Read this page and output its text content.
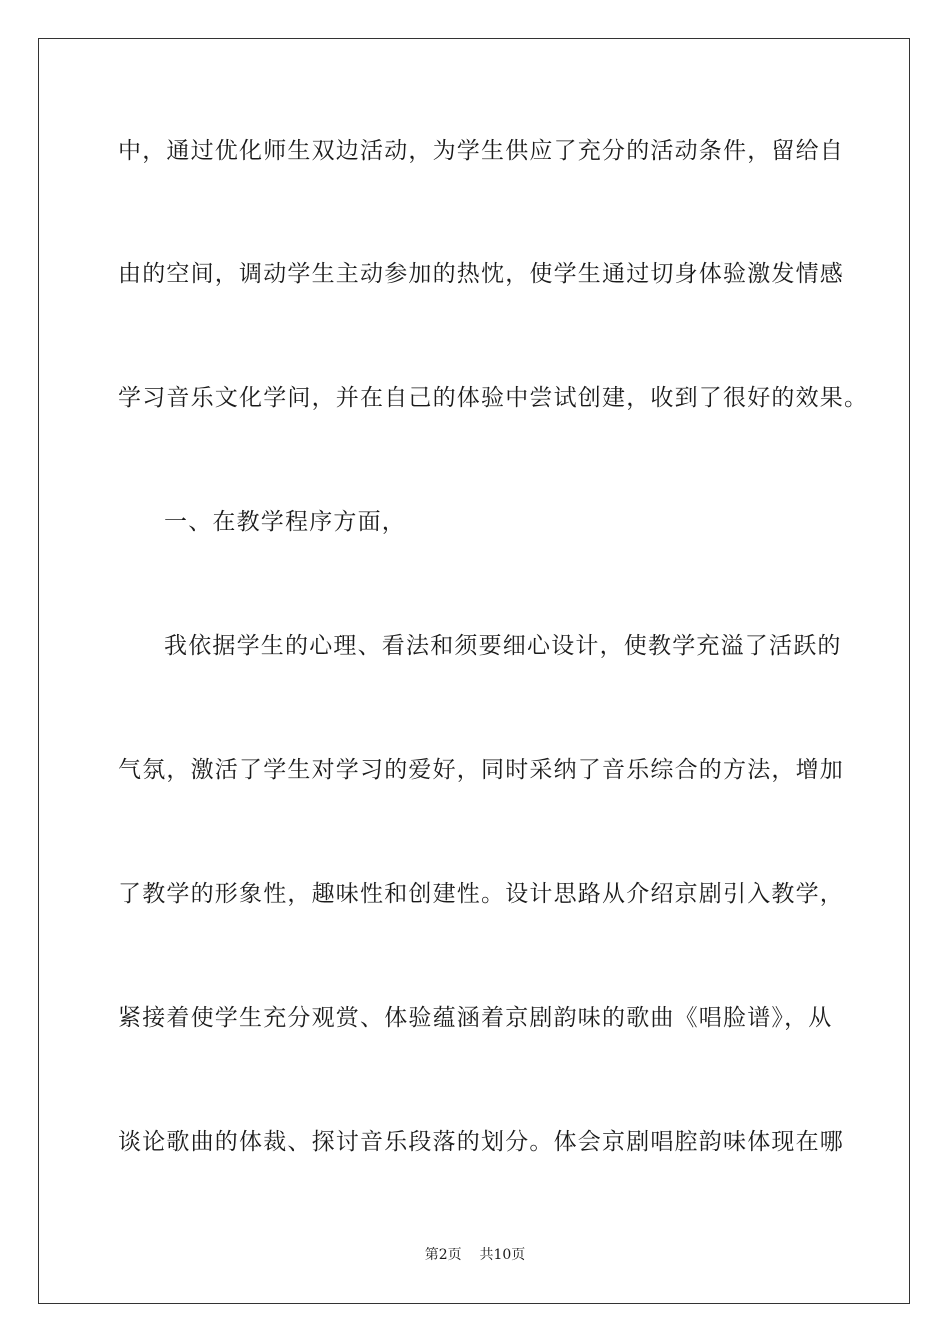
中，通过优化师生双边活动，为学生供应了充分的活动条件，留给自
由的空间，调动学生主动参加的热忱，使学生通过切身体验激发情感
学习音乐文化学问，并在自己的体验中尝试创建，收到了很好的效果。
一、在教学程序方面，
我依据学生的心理、看法和须要细心设计，使教学充溢了活跃的
气氛，激活了学生对学习的爱好，同时采纳了音乐综合的方法，增加
了教学的形象性，趣味性和创建性。设计思路从介绍京剧引入教学，
紧接着使学生充分观赏、体验蕴涵着京剧韵味的歌曲《唱脸谱》，从
谈论歌曲的体裁、探讨音乐段落的划分。体会京剧唱腔韵味体现在哪
第2页 共10页
